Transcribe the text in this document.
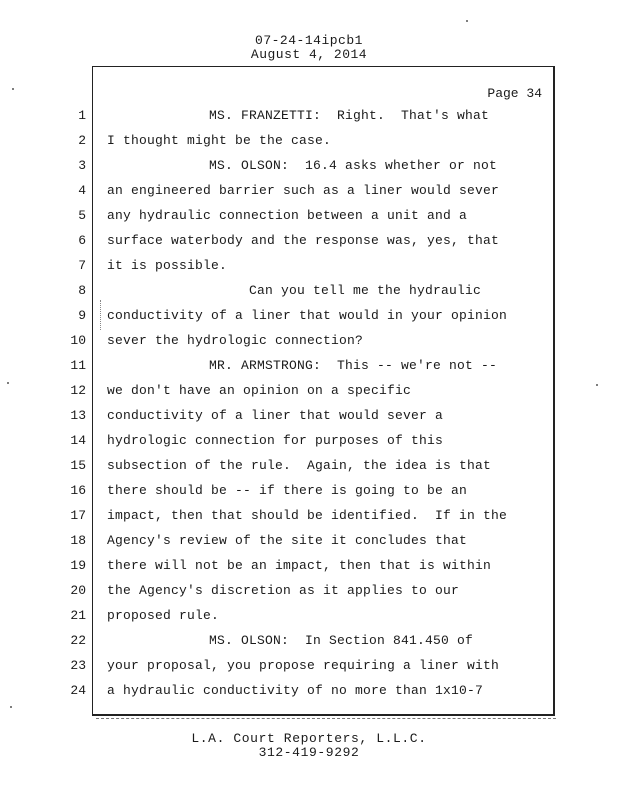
07-24-14ipcb1
August 4, 2014
Page 34
1	MS. FRANZETTI:  Right.  That's what
2 I thought might be the case.
3	MS. OLSON:  16.4 asks whether or not
4 an engineered barrier such as a liner would sever
5 any hydraulic connection between a unit and a
6 surface waterbody and the response was, yes, that
7 it is possible.
8	Can you tell me the hydraulic
9 conductivity of a liner that would in your opinion
10 sever the hydrologic connection?
11	MR. ARMSTRONG:  This -- we're not --
12 we don't have an opinion on a specific
13 conductivity of a liner that would sever a
14 hydrologic connection for purposes of this
15 subsection of the rule.  Again, the idea is that
16 there should be -- if there is going to be an
17 impact, then that should be identified.  If in the
18 Agency's review of the site it concludes that
19 there will not be an impact, then that is within
20 the Agency's discretion as it applies to our
21 proposed rule.
22	MS. OLSON:  In Section 841.450 of
23 your proposal, you propose requiring a liner with
24 a hydraulic conductivity of no more than 1x10-7
L.A. Court Reporters, L.L.C.
312-419-9292
